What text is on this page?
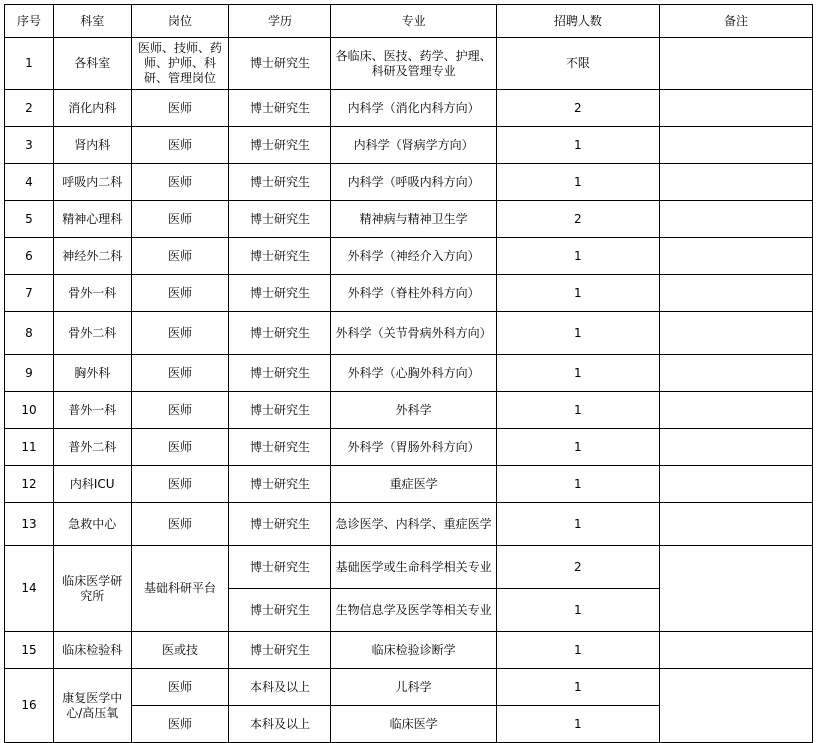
序号	科室	岗位	学历	专业	招聘人数	备注
1	各科室	医师、技师、药师、护师、科研、管理岗位	博士研究生	各临床、医技、药学、护理、科研及管理专业	不限	
2	消化内科	医师	博士研究生	内科学（消化内科方向）	2	
3	肾内科	医师	博士研究生	内科学（肾病学方向）	1	
4	呼吸内二科	医师	博士研究生	内科学（呼吸内科方向）	1	
5	精神心理科	医师	博士研究生	精神病与精神卫生学	2	
6	神经外二科	医师	博士研究生	外科学（神经介入方向）	1	
7	骨外一科	医师	博士研究生	外科学（脊柱外科方向）	1	
8	骨外二科	医师	博士研究生	外科学（关节骨病外科方向）	1	
9	胸外科	医师	博士研究生	外科学（心胸外科方向）	1	
10	普外一科	医师	博士研究生	外科学	1	
11	普外二科	医师	博士研究生	外科学（胃肠外科方向）	1	
12	内科ICU	医师	博士研究生	重症医学	1	
13	急救中心	医师	博士研究生	急诊医学、内科学、重症医学	1	
14	临床医学研究所	基础科研平台	博士研究生	基础医学或生命科学相关专业	2	
			博士研究生	生物信息学及医学等相关专业	1	
15	临床检验科	医或技	博士研究生	临床检验诊断学	1	
16	康复医学中心/高压氧	医师	本科及以上	儿科学	1	
		医师	本科及以上	临床医学	1	
